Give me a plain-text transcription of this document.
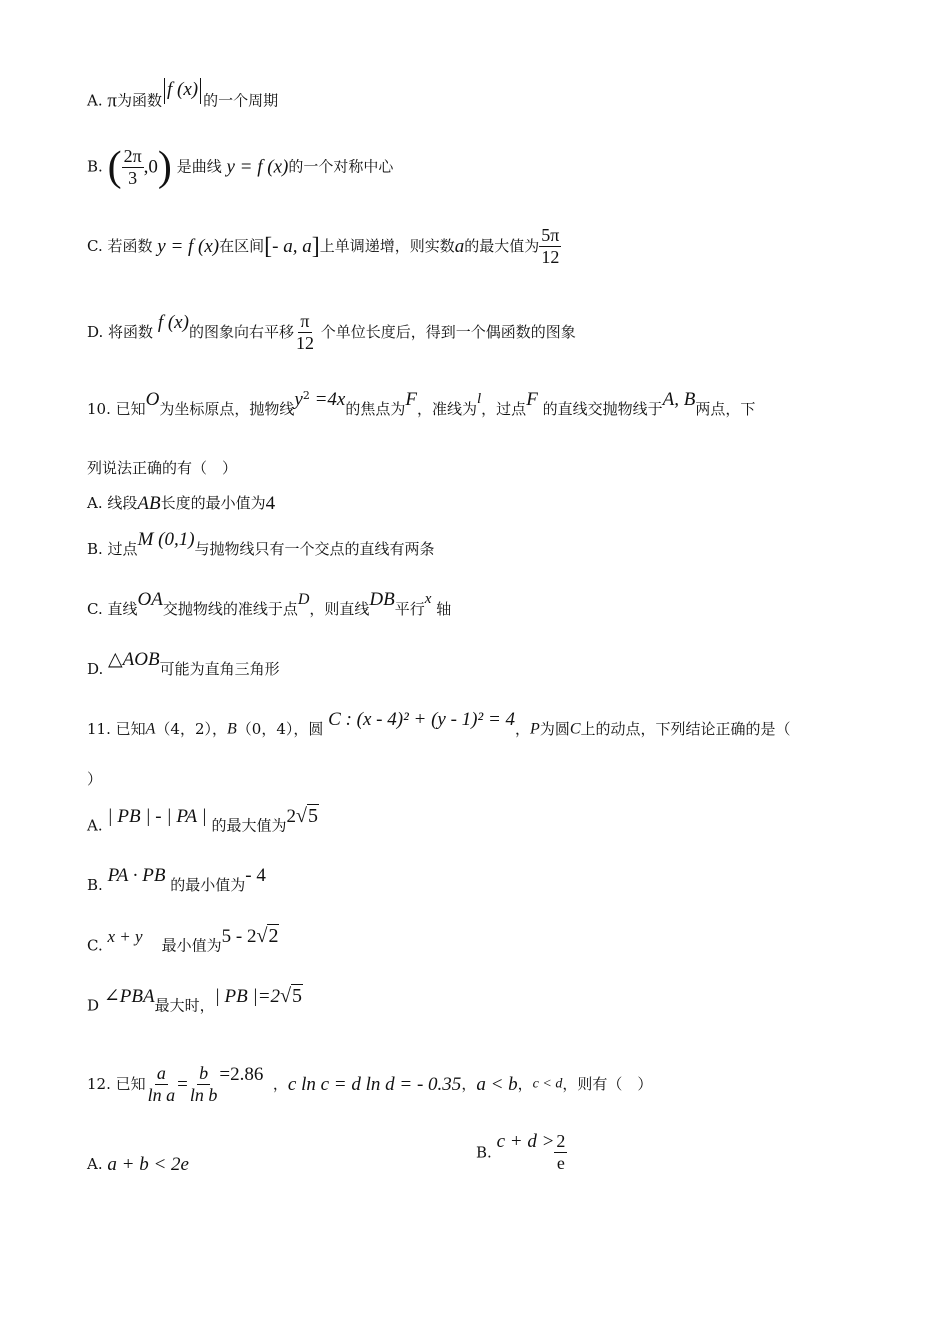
A. π为函数f (x)的一个周期
B. ( $\frac{2\pi}{3} ,0$) 是曲线 y = f (x)的一个对称中心
C. 若函数 y = f (x)在区间[- a, a]上单调递增，则实数a的最大值为 $\frac{5\pi}{12}$
D. 将函数 f (x)的图象向右平移 $\frac{\pi}{12}$ 个单位长度后，得到一个偶函数的图象
10. 已知O为坐标原点，抛物线$y^2 =4x$的焦点为F，准线为l，过点F 的直线交抛物线于A, B两点，下
列说法正确的有（　）
A. 线段AB长度的最小值为4
B. 过点M (0,1)与抛物线只有一个交点的直线有两条
C. 直线OA交抛物线的准线于点D，则直线DB平行x 轴
D. △AOB可能为直角三角形
11. 已知A（4，2），B（0，4），圆 C : (x - 4)² + (y - 1)² = 4，P为圆C上的动点，下列结论正确的是（
）
A. | PB | - | PA | 的最大值为2√5
B. PA · PB 的最小值为- 4
C. x + y 最小值为5 - 2√2
D ∠PBA最大时，| PB |=2√5
12. 已知 $\frac{a}{\text{ln a}} = \frac{b}{\text{ln b}} =2.86$ ，c ln c = d ln d = - 0.35，a < b，c < d，则有（　）
A. a + b < 2e
B. $c + d > \frac{2}{e}$
